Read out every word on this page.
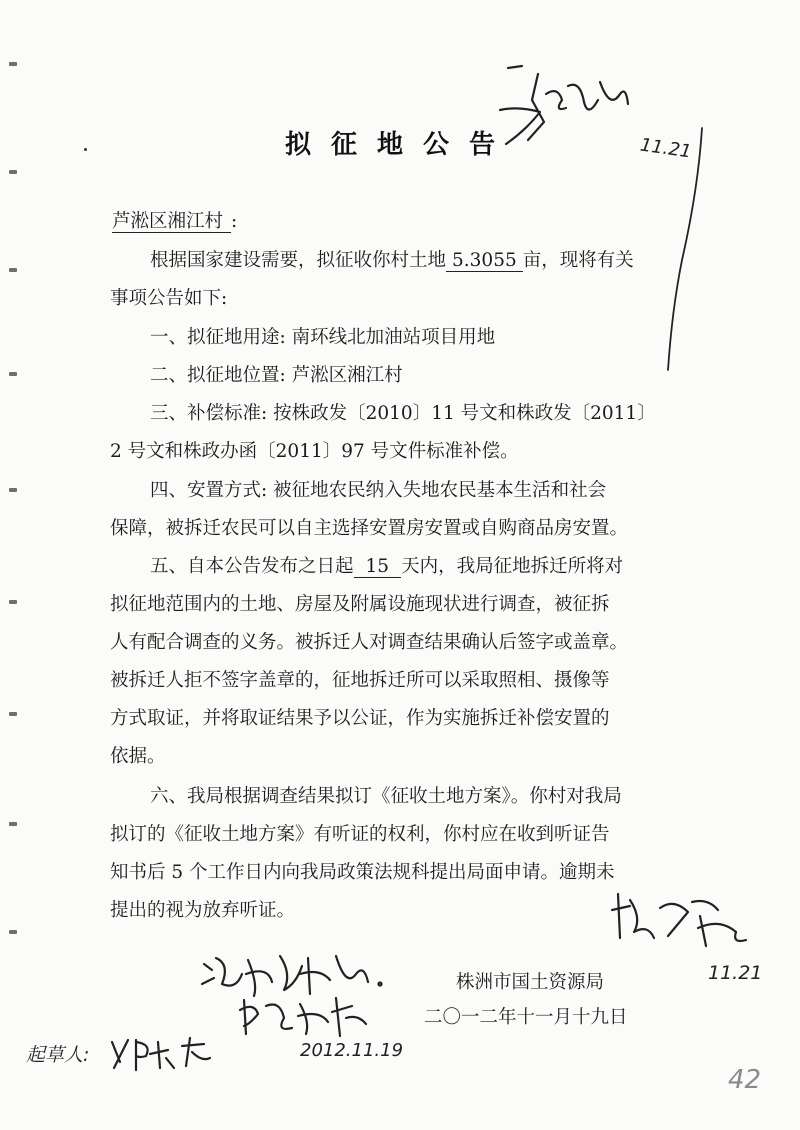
拟征地公告
芦淞区湘江村 :
根据国家建设需要，拟征收你村土地 5.3055 亩，现将有关
事项公告如下:
一、拟征地用途: 南环线北加油站项目用地
二、拟征地位置: 芦淞区湘江村
三、补偿标准: 按株政发〔2010〕11 号文和株政发〔2011〕
2 号文和株政办函〔2011〕97 号文件标准补偿。
四、安置方式: 被征地农民纳入失地农民基本生活和社会
保障，被拆迁农民可以自主选择安置房安置或自购商品房安置。
五、自本公告发布之日起 15 天内，我局征地拆迁所将对
拟征地范围内的土地、房屋及附属设施现状进行调查，被征拆
人有配合调查的义务。被拆迁人对调查结果确认后签字或盖章。
被拆迁人拒不签字盖章的，征地拆迁所可以采取照相、摄像等
方式取证，并将取证结果予以公证，作为实施拆迁补偿安置的
依据。
六、我局根据调查结果拟订《征收土地方案》。你村对我局
拟订的《征收土地方案》有听证的权利，你村应在收到听证告
知书后 5 个工作日内向我局政策法规科提出局面申请。逾期未
提出的视为放弃听证。
株洲市国土资源局
二〇一二年十一月十九日
11.21
11.21
2012.11.19
起草人:
42
